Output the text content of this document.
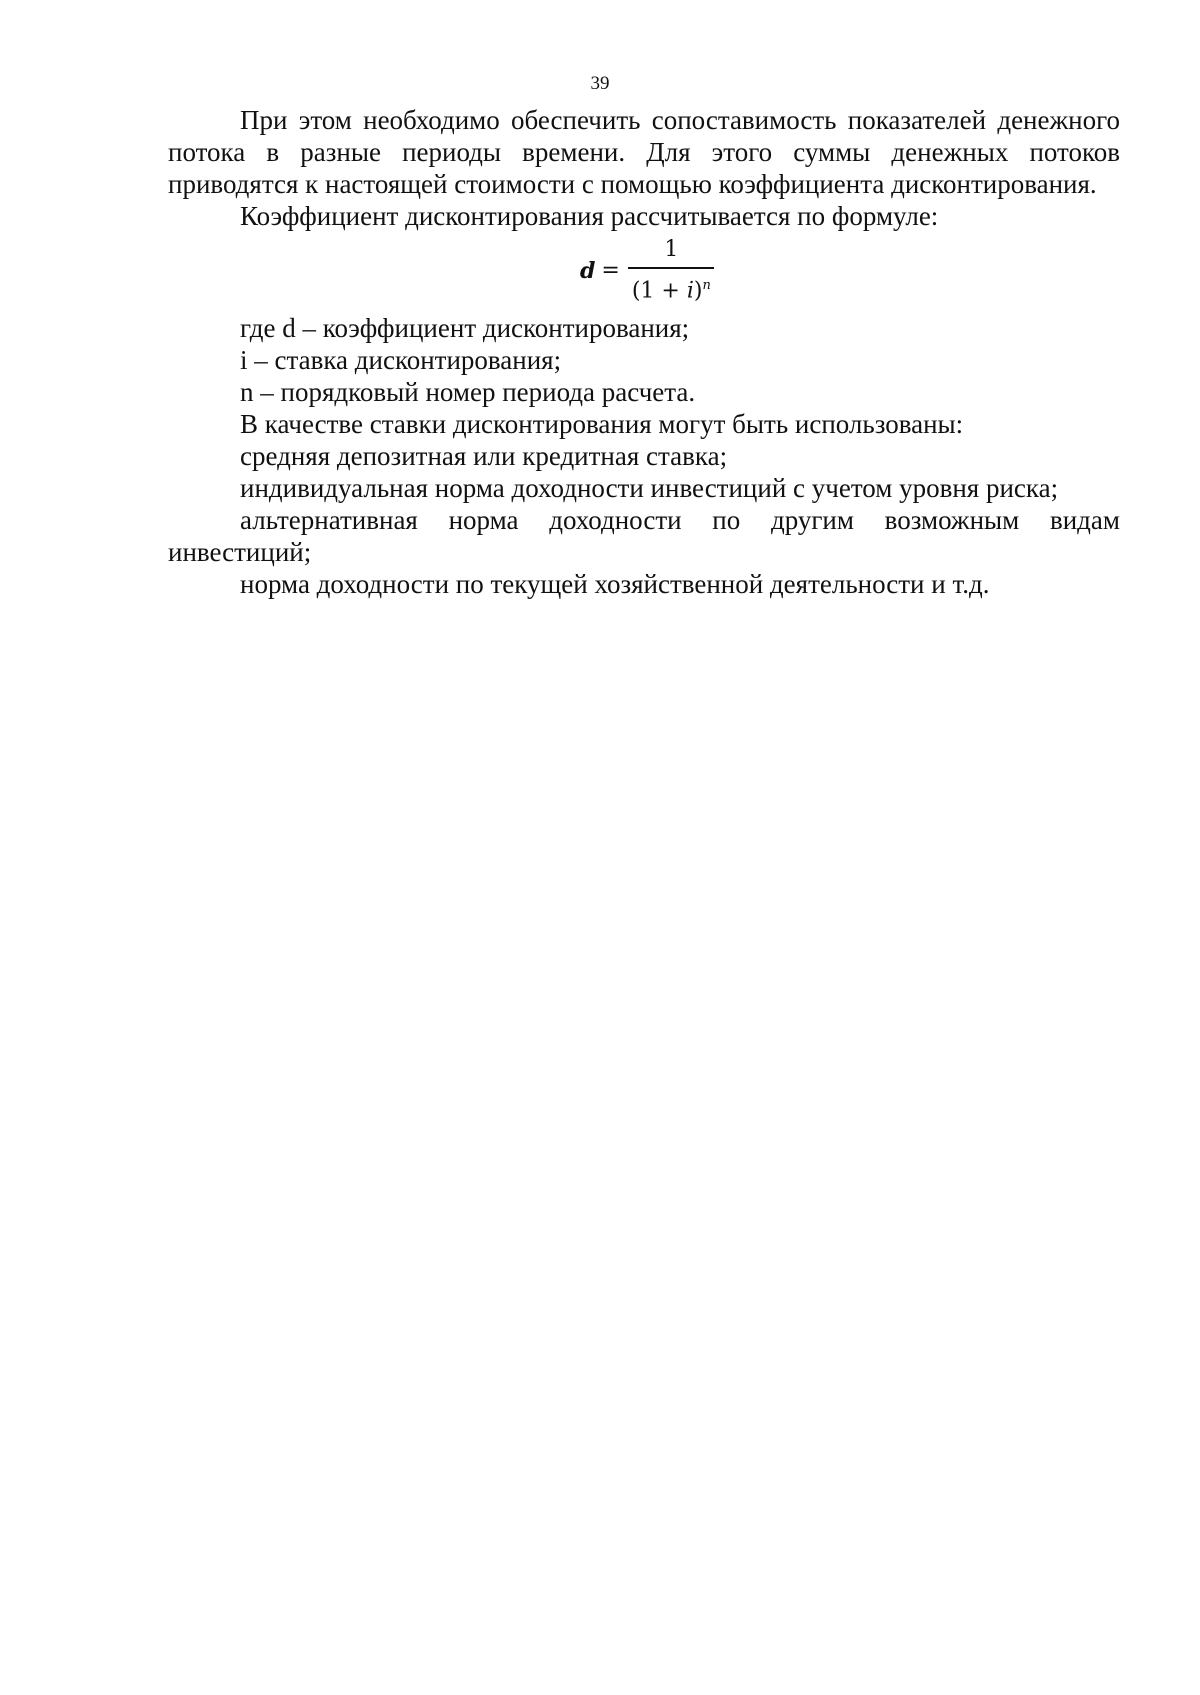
39

При этом необходимо обеспечить сопоставимость показателей денежного потока в разные периоды времени. Для этого суммы денежных потоков приводятся к настоящей стоимости с помощью коэффициента дисконтирования.

Коэффициент дисконтирования рассчитывается по формуле:

$d = \frac{1}{(1 + i)^n}$

где d – коэффициент дисконтирования;

i – ставка дисконтирования;

n – порядковый номер периода расчета.

В качестве ставки дисконтирования могут быть использованы:

средняя депозитная или кредитная ставка;

индивидуальная норма доходности инвестиций с учетом уровня риска;

альтернативная норма доходности по другим возможным видам инвестиций;

норма доходности по текущей хозяйственной деятельности и т.д.
